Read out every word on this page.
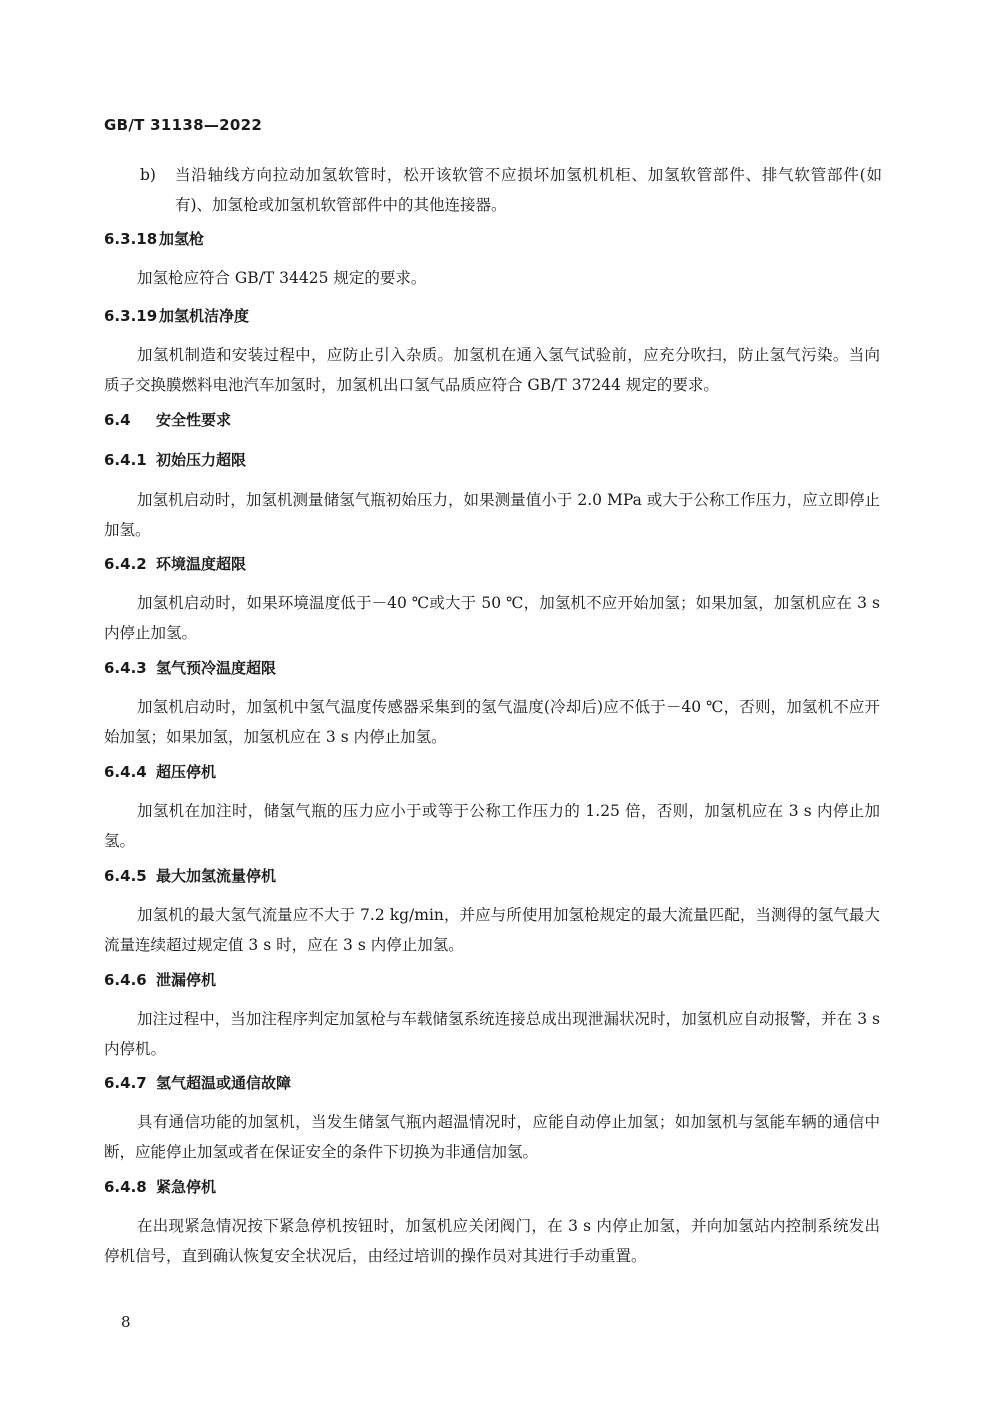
GB/T 31138—2022
b) 当沿轴线方向拉动加氢软管时，松开该软管不应损坏加氢机机柜、加氢软管部件、排气软管部件(如有)、加氢枪或加氢机软管部件中的其他连接器。
6.3.18 加氢枪
加氢枪应符合 GB/T 34425 规定的要求。
6.3.19 加氢机洁净度
加氢机制造和安装过程中，应防止引入杂质。加氢机在通入氢气试验前，应充分吹扫，防止氢气污染。当向质子交换膜燃料电池汽车加氢时，加氢机出口氢气品质应符合 GB/T 37244 规定的要求。
6.4 安全性要求
6.4.1 初始压力超限
加氢机启动时，加氢机测量储氢气瓶初始压力，如果测量值小于 2.0 MPa 或大于公称工作压力，应立即停止加氢。
6.4.2 环境温度超限
加氢机启动时，如果环境温度低于－40 ℃或大于 50 ℃，加氢机不应开始加氢；如果加氢，加氢机应在 3 s 内停止加氢。
6.4.3 氢气预冷温度超限
加氢机启动时，加氢机中氢气温度传感器采集到的氢气温度(冷却后)应不低于－40 ℃，否则，加氢机不应开始加氢；如果加氢，加氢机应在 3 s 内停止加氢。
6.4.4 超压停机
加氢机在加注时，储氢气瓶的压力应小于或等于公称工作压力的 1.25 倍，否则，加氢机应在 3 s 内停止加氢。
6.4.5 最大加氢流量停机
加氢机的最大氢气流量应不大于 7.2 kg/min，并应与所使用加氢枪规定的最大流量匹配，当测得的氢气最大流量连续超过规定值 3 s 时，应在 3 s 内停止加氢。
6.4.6 泄漏停机
加注过程中，当加注程序判定加氢枪与车载储氢系统连接总成出现泄漏状况时，加氢机应自动报警，并在 3 s 内停机。
6.4.7 氢气超温或通信故障
具有通信功能的加氢机，当发生储氢气瓶内超温情况时，应能自动停止加氢；如加氢机与氢能车辆的通信中断，应能停止加氢或者在保证安全的条件下切换为非通信加氢。
6.4.8 紧急停机
在出现紧急情况按下紧急停机按钮时，加氢机应关闭阀门，在 3 s 内停止加氢，并向加氢站内控制系统发出停机信号，直到确认恢复安全状况后，由经过培训的操作员对其进行手动重置。
8
